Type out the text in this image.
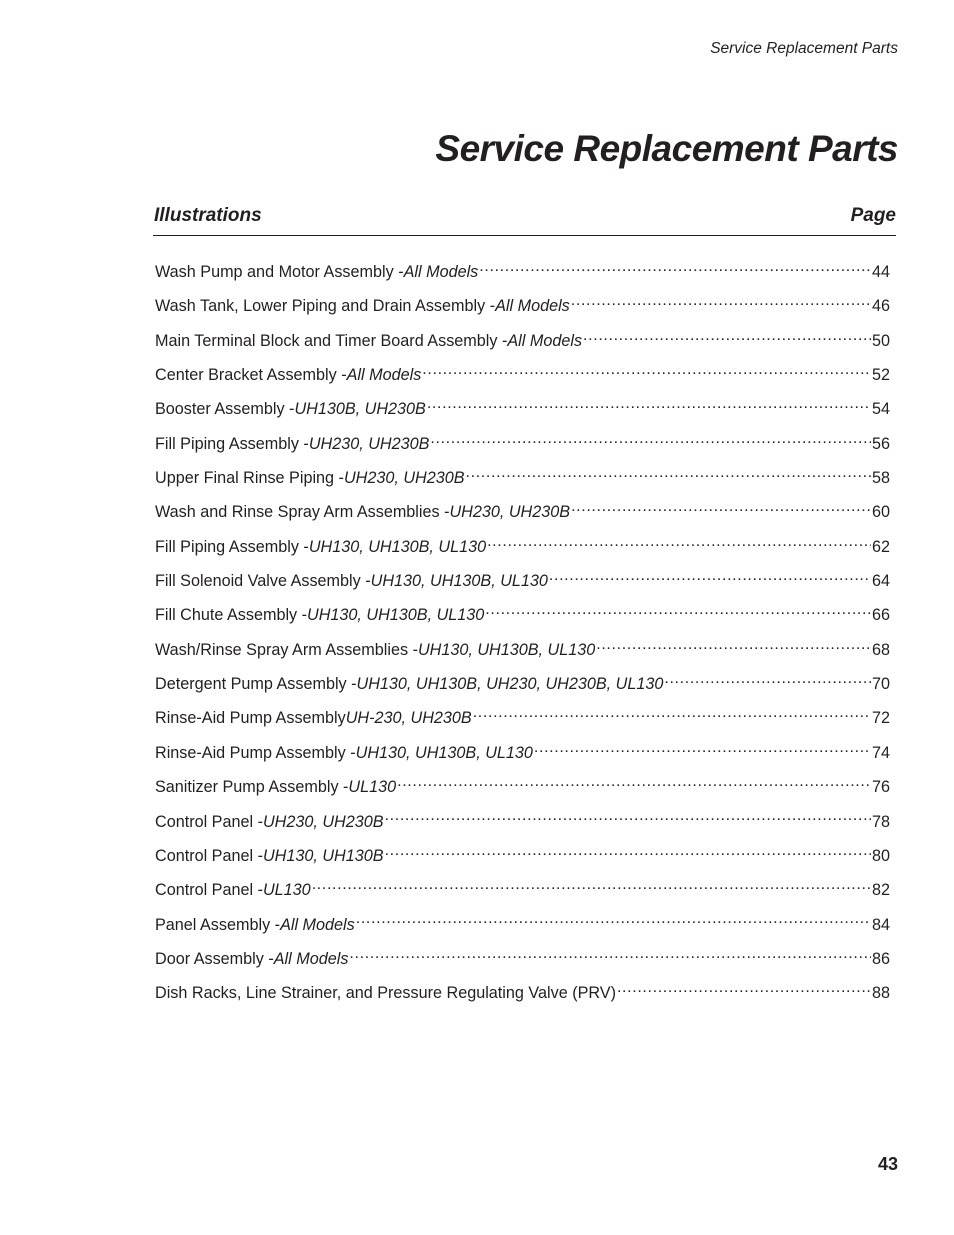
Service Replacement Parts
Service Replacement Parts
Illustrations	Page
Wash Pump and Motor Assembly - All Models . . .	44
Wash Tank, Lower Piping and Drain Assembly - All Models . . .	46
Main Terminal Block and Timer Board Assembly - All Models . . .	50
Center Bracket Assembly - All Models . . .	52
Booster Assembly - UH130B, UH230B . . .	54
Fill Piping Assembly - UH230, UH230B . . .	56
Upper Final Rinse Piping - UH230, UH230B . . .	58
Wash and Rinse Spray Arm Assemblies - UH230, UH230B . . .	60
Fill Piping Assembly - UH130, UH130B, UL130 . . .	62
Fill Solenoid Valve Assembly - UH130, UH130B, UL130 . . .	64
Fill Chute Assembly - UH130, UH130B, UL130 . . .	66
Wash/Rinse Spray Arm Assemblies - UH130, UH130B, UL130 . . .	68
Detergent Pump Assembly - UH130, UH130B, UH230, UH230B, UL130 . . .	70
Rinse-Aid Pump Assembly UH-230, UH230B . . .	72
Rinse-Aid Pump Assembly - UH130, UH130B, UL130 . . .	74
Sanitizer Pump Assembly - UL130 . . .	76
Control Panel - UH230, UH230B . . .	78
Control Panel - UH130, UH130B . . .	80
Control Panel - UL130 . . .	82
Panel Assembly - All Models . . .	84
Door Assembly - All Models . . .	86
Dish Racks, Line Strainer, and Pressure Regulating Valve (PRV) . . .	88
43
